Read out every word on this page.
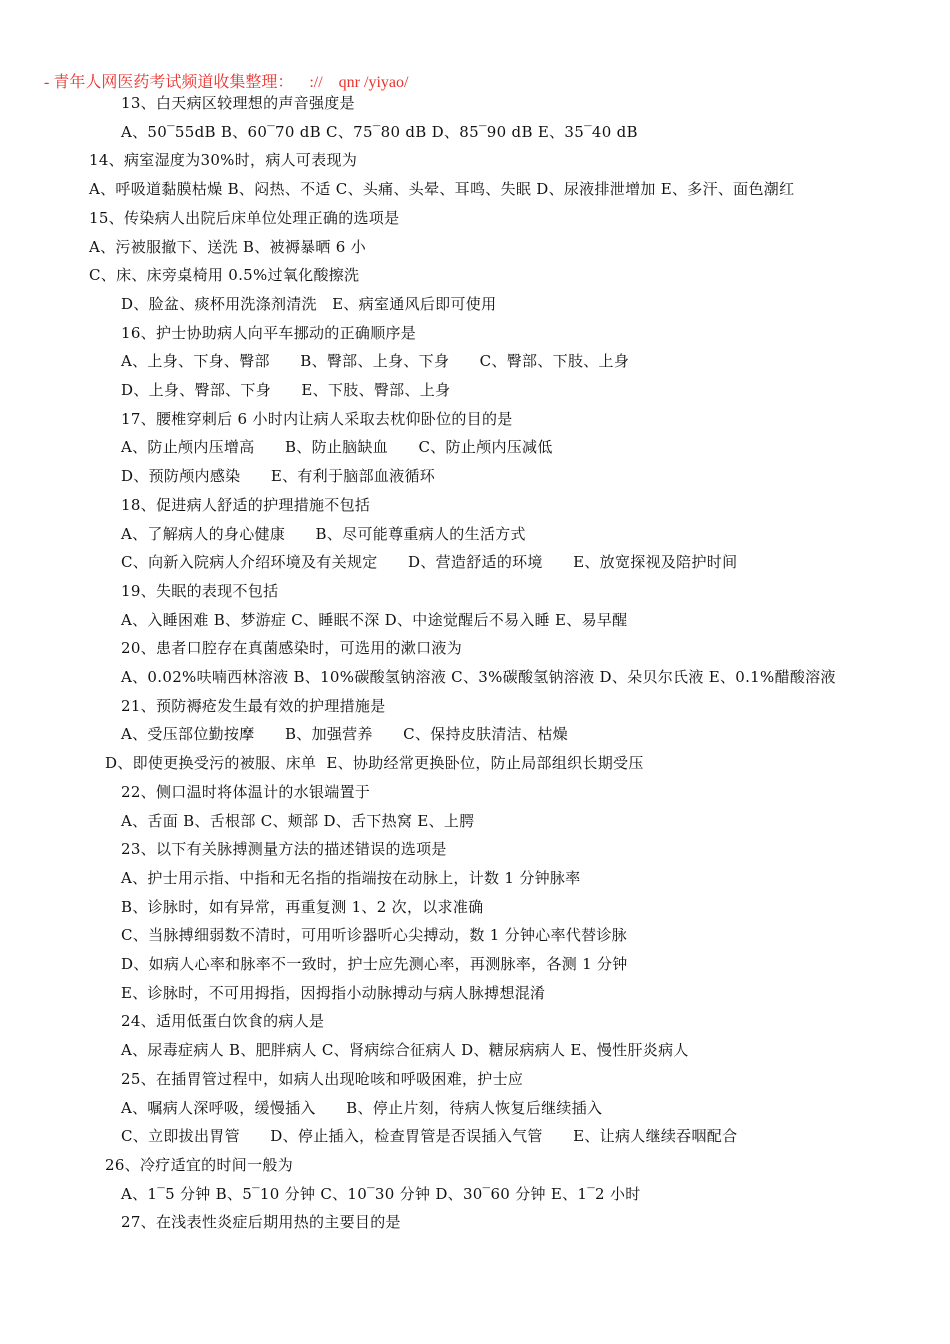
- 青年人网医药考试频道收集整理：    ://    qnr /yiyao/
13、白天病区较理想的声音强度是
A、50‾55dB B、60‾70 dB C、75‾80 dB D、85‾90 dB E、35‾40 dB
14、病室湿度为30%时，病人可表现为
A、呼吸道黏膜枯燥 B、闷热、不适 C、头痛、头晕、耳鸣、失眠 D、尿液排泄增加 E、多汗、面色潮红
15、传染病人出院后床单位处理正确的选项是
A、污被服撤下、送洗 B、被褥暴晒 6 小
C、床、床旁桌椅用 0.5%过氧化酸擦洗
D、脸盆、痰杯用洗涤剂清洗   E、病室通风后即可使用
16、护士协助病人向平车挪动的正确顺序是
A、上身、下身、臀部      B、臀部、上身、下身      C、臀部、下肢、上身
D、上身、臀部、下身      E、下肢、臀部、上身
17、腰椎穿刺后 6 小时内让病人采取去枕仰卧位的目的是
A、防止颅内压增高      B、防止脑缺血      C、防止颅内压减低
D、预防颅内感染      E、有利于脑部血液循环
18、促进病人舒适的护理措施不包括
A、了解病人的身心健康      B、尽可能尊重病人的生活方式
C、向新入院病人介绍环境及有关规定      D、营造舒适的环境      E、放宽探视及陪护时间
19、失眠的表现不包括
A、入睡困难 B、梦游症 C、睡眠不深 D、中途觉醒后不易入睡 E、易早醒
20、患者口腔存在真菌感染时，可选用的漱口液为
A、0.02%呋喃西林溶液 B、10%碳酸氢钠溶液 C、3%碳酸氢钠溶液 D、朵贝尔氏液 E、0.1%醋酸溶液
21、预防褥疮发生最有效的护理措施是
A、受压部位勤按摩      B、加强营养      C、保持皮肤清洁、枯燥
D、即使更换受污的被服、床单  E、协助经常更换卧位，防止局部组织长期受压
22、侧口温时将体温计的水银端置于
A、舌面 B、舌根部 C、颊部 D、舌下热窝 E、上腭
23、以下有关脉搏测量方法的描述错误的选项是
A、护士用示指、中指和无名指的指端按在动脉上，计数 1 分钟脉率
B、诊脉时，如有异常，再重复测 1、2 次，以求准确
C、当脉搏细弱数不清时，可用听诊器听心尖搏动，数 1 分钟心率代替诊脉
D、如病人心率和脉率不一致时，护士应先测心率，再测脉率，各测 1 分钟
E、诊脉时，不可用拇指，因拇指小动脉搏动与病人脉搏想混淆
24、适用低蛋白饮食的病人是
A、尿毒症病人 B、肥胖病人 C、肾病综合征病人 D、糖尿病病人 E、慢性肝炎病人
25、在插胃管过程中，如病人出现呛咳和呼吸困难，护士应
A、嘱病人深呼吸，缓慢插入      B、停止片刻，待病人恢复后继续插入
C、立即拔出胃管      D、停止插入，检查胃管是否误插入气管      E、让病人继续吞咽配合
26、冷疗适宜的时间一般为
A、1‾5 分钟 B、5‾10 分钟 C、10‾30 分钟 D、30‾60 分钟 E、1‾2 小时
27、在浅表性炎症后期用热的主要目的是
